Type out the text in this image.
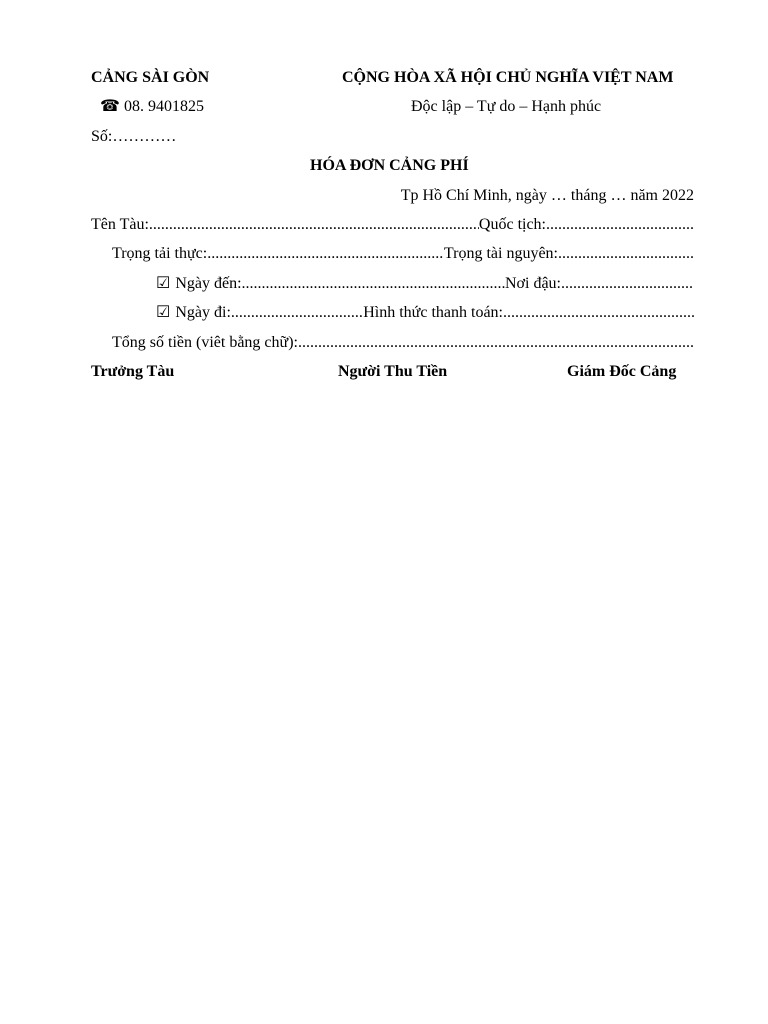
CẢNG SÀI GÒN
☎ 08. 9401825
Số:…………
CỘNG HÒA XÃ HỘI CHỦ NGHĨA VIỆT NAM
Độc lập – Tự do – Hạnh phúc
HÓA ĐƠN CẢNG PHÍ
Tp Hồ Chí Minh, ngày … tháng … năm 2022
Tên Tàu: .....	Quốc tịch:
.....
Trọng tải thực: .....	Trọng tài nguyên:
.....
☑ Ngày đến: .....	Nơi đậu:
.....
☑ Ngày đi: .....	Hình thức thanh toán:
.....
Tổng số tiền (viêt bằng chữ):
.....
Trưởng Tàu	Người Thu Tiền	Giám Đốc Cảng
